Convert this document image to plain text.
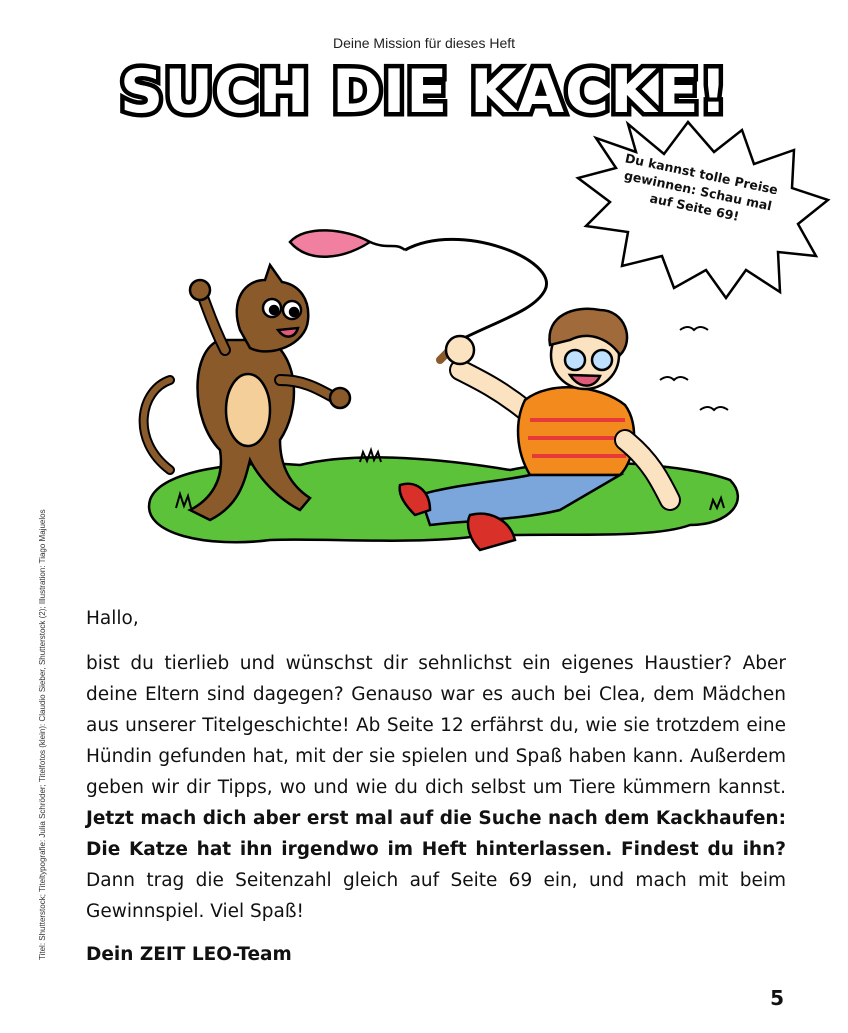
Deine Mission für dieses Heft
SUCH DIE KACKE!
Du kannst tolle Preise gewinnen: Schau mal auf Seite 69!
Titel: Shutterstock; Titeltypografie: Julia Schröder; Titelfotos (klein): Claudio Sieber, Shutterstock (2); Illustration: Tiago Majuelos Hallo,

bist du tierlieb und wünschst dir sehnlichst ein eigenes Haustier? Aber deine Eltern sind dagegen? Genauso war es auch bei Clea, dem Mädchen aus unserer Titelgeschichte! Ab Seite 12 erfährst du, wie sie trotzdem eine Hündin gefunden hat, mit der sie spielen und Spaß haben kann. Außerdem geben wir dir Tipps, wo und wie du dich selbst um Tiere kümmern kannst. Jetzt mach dich aber erst mal auf die Suche nach dem Kackhaufen: Die Katze hat ihn irgendwo im Heft hinterlassen. Findest du ihn? Dann trag die Seitenzahl gleich auf Seite 69 ein, und mach mit beim Gewinnspiel. Viel Spaß!

Dein ZEIT LEO-Team

5
